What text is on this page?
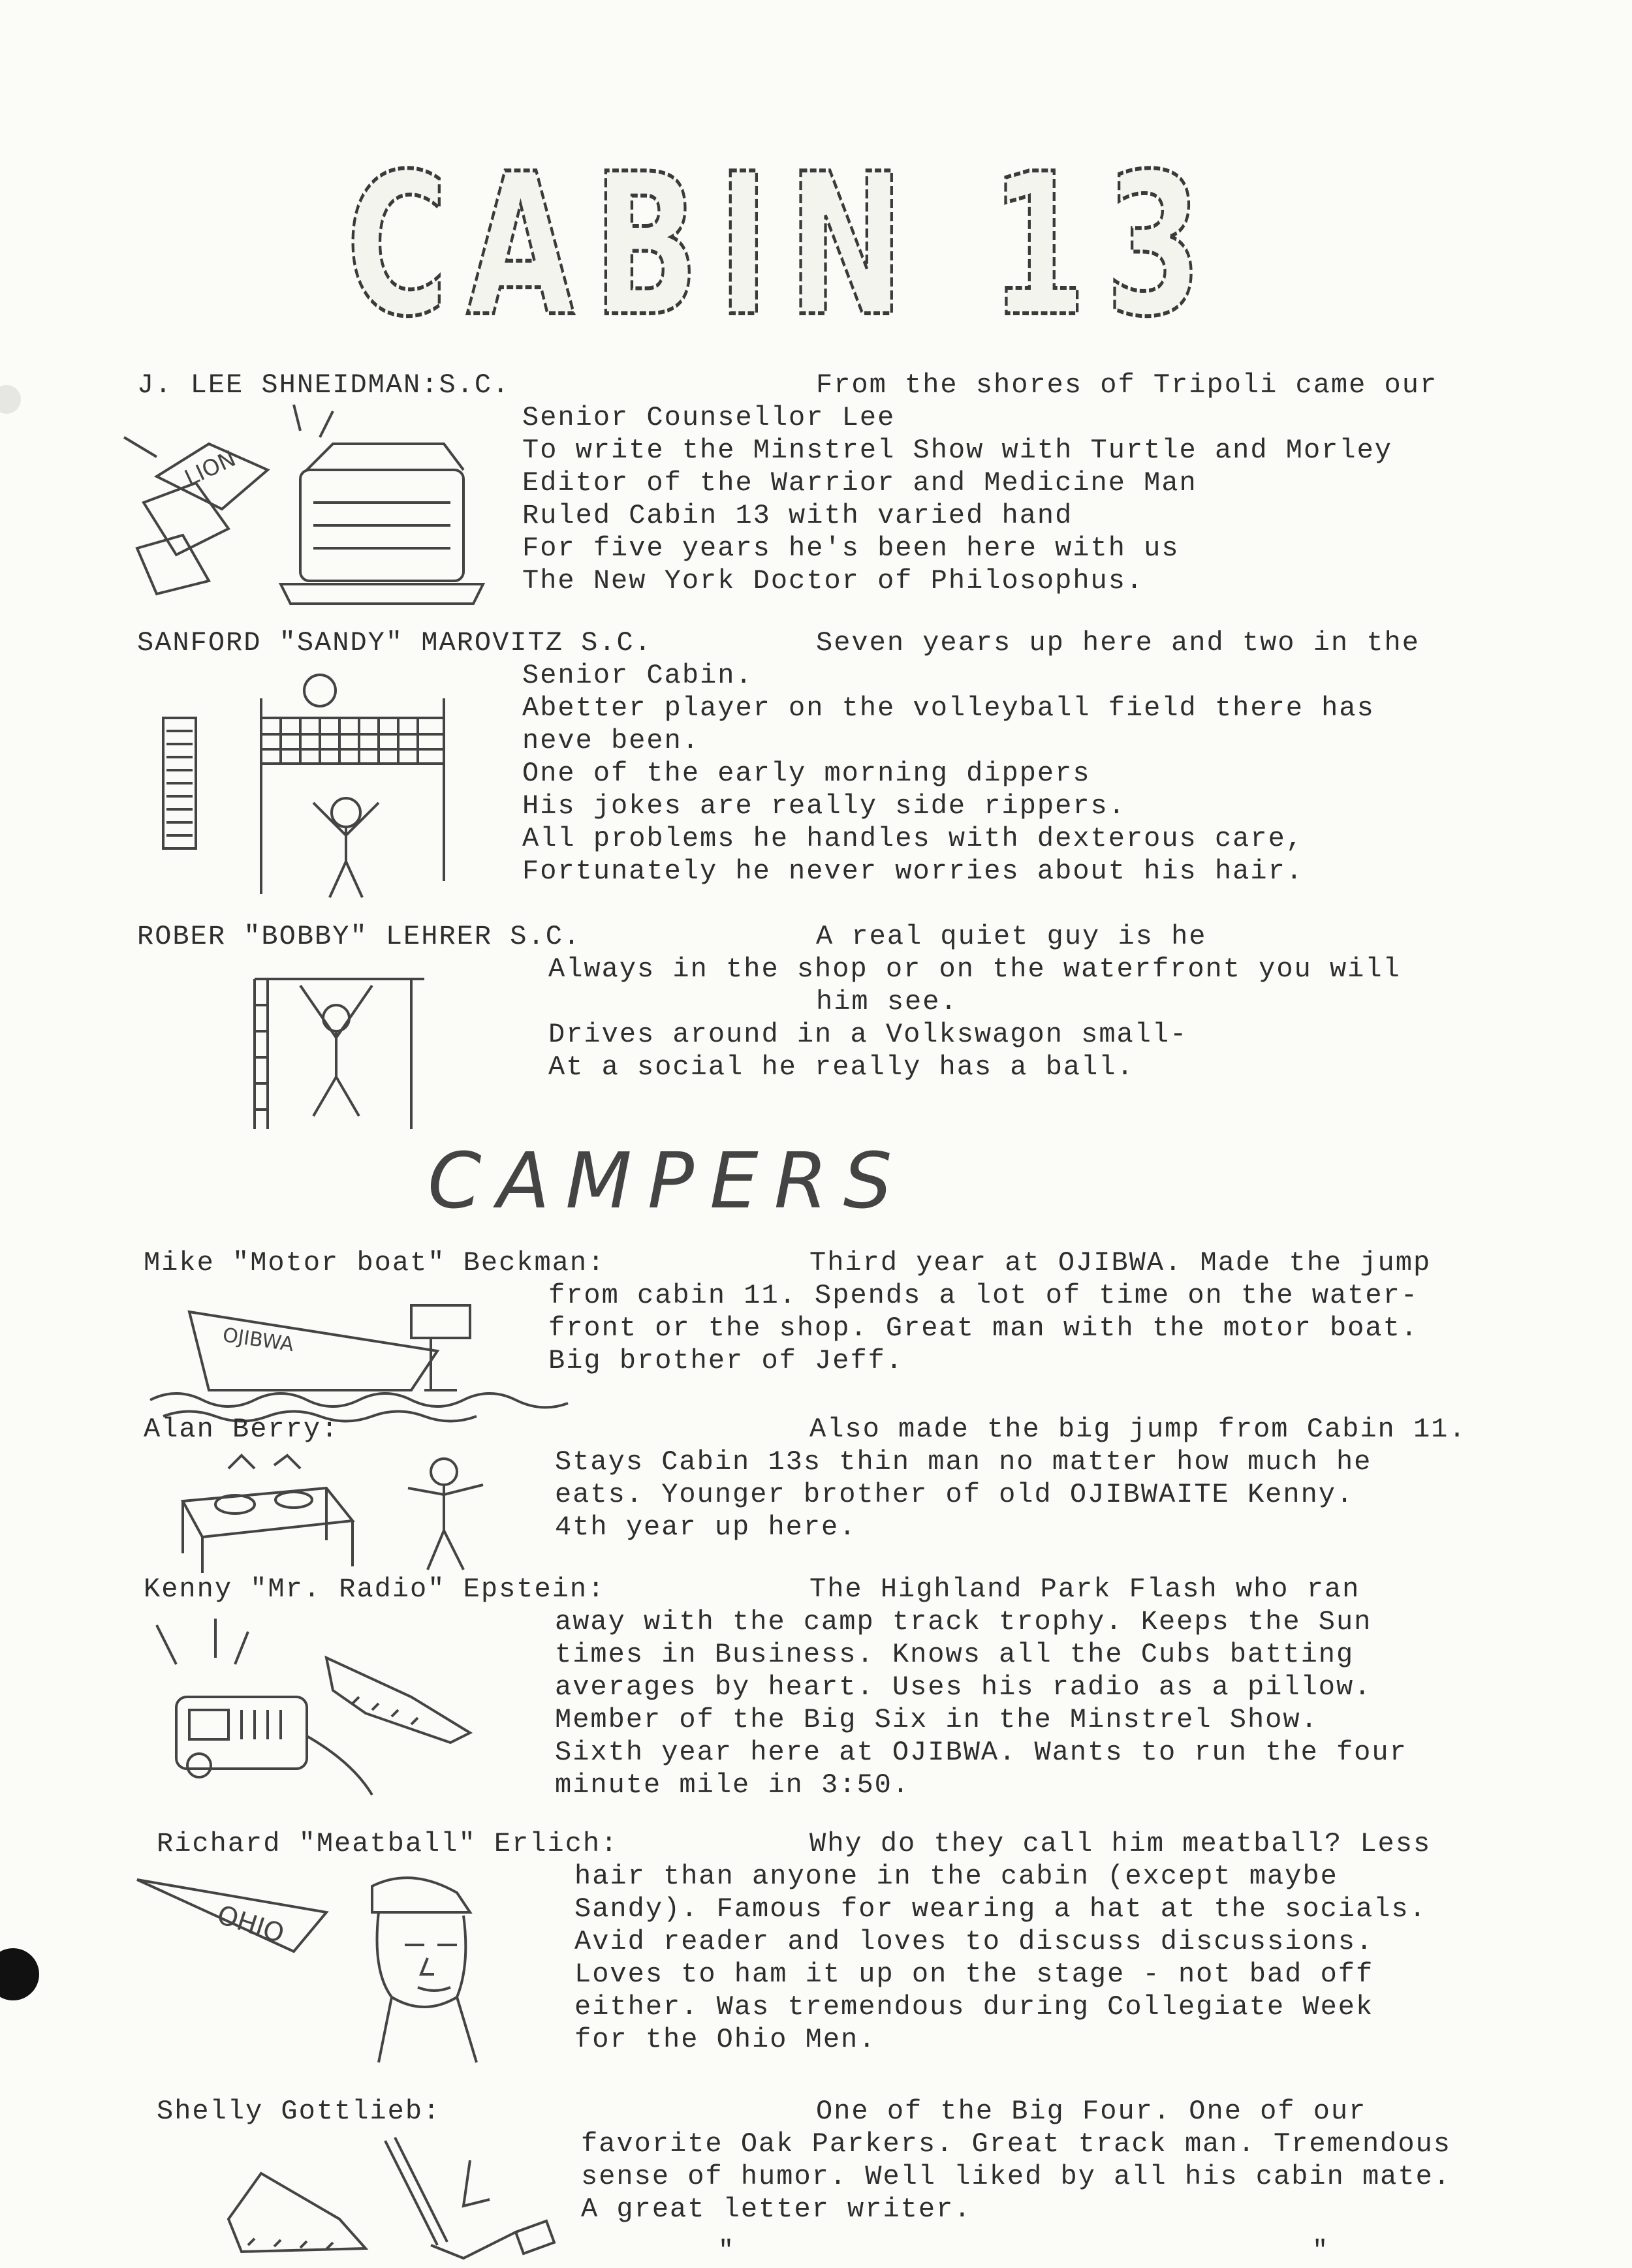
CABIN 13
J. LEE SHNEIDMAN:S.C.	From the shores of Tripoli came our
Senior Counsellor Lee
To write the Minstrel Show with Turtle and Morley
Editor of the Warrior and Medicine Man
Ruled Cabin 13 with varied hand
For five years he's been here with us
The New York Doctor of Philosophus.
LION
SANFORD "SANDY" MAROVITZ S.C.	Seven years up here and two in the
Senior Cabin.
Abetter player on the volleyball field there has
neve been.
One of the early morning dippers
His jokes are really side rippers.
All problems he handles with dexterous care,
Fortunately he never worries about his hair.
ROBER "BOBBY" LEHRER S.C.	A real quiet guy is he
Always in the shop or on the waterfront you will
him see.
Drives around in a Volkswagon small-
At a social he really has a ball.
CAMPERS
Mike "Motor boat" Beckman:	Third year at OJIBWA. Made the jump
from cabin 11. Spends a lot of time on the water-
front or the shop. Great man with the motor boat.
Big brother of Jeff.
OJIBWA
Alan Berry:	Also made the big jump from Cabin 11.
Stays Cabin 13s thin man no matter how much he
eats. Younger brother of old OJIBWAITE Kenny.
4th year up here.
Kenny "Mr. Radio" Epstein:	The Highland Park Flash who ran
away with the camp track trophy. Keeps the Sun
times in Business. Knows all the Cubs batting
averages by heart. Uses his radio as a pillow.
Member of the Big Six in the Minstrel Show.
Sixth year here at OJIBWA. Wants to run the four
minute mile in 3:50.
Richard "Meatball" Erlich:	Why do they call him meatball? Less
hair than anyone in the cabin (except maybe
Sandy). Famous for wearing a hat at the socials.
Avid reader and loves to discuss discussions.
Loves to ham it up on the stage - not bad off
either. Was tremendous during Collegiate Week
for the Ohio Men.
OHIO
Shelly Gottlieb:	One of the Big Four. One of our
favorite Oak Parkers. Great track man. Tremendous
sense of humor. Well liked by all his cabin mate.
A great letter writer.
"                                  "
